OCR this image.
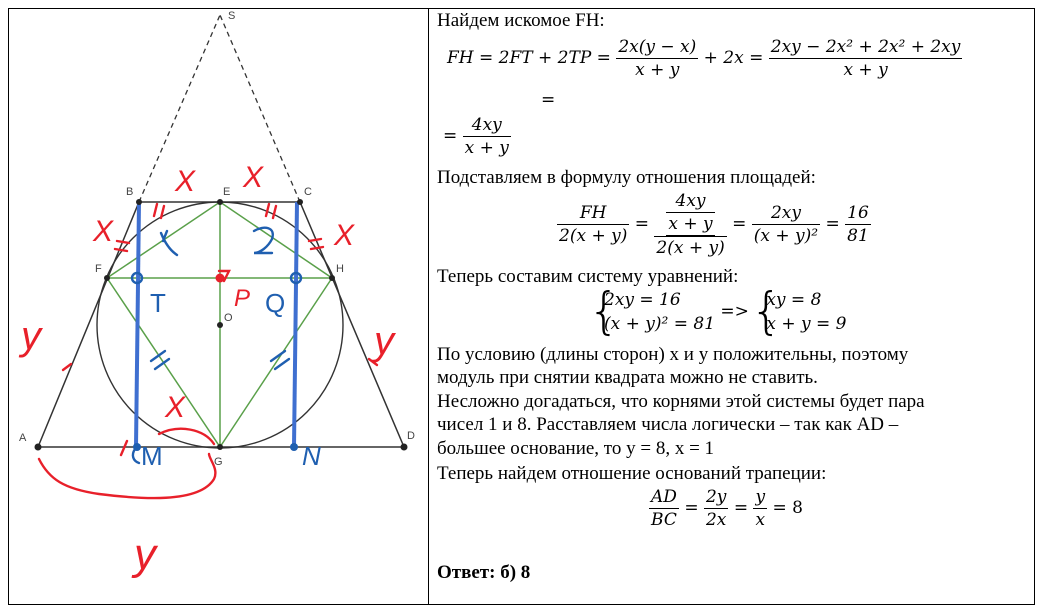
S
B	E	C
F	H
O
A
G
D
X X
X	X
X
y	y
y
P
T	Q
M	N
Найдем искомое FH:
FH = $2FT + 2TP = \frac{2x(y - x)}{x + y} + 2x = \frac{\text{2xy − 2x² + 2x² + 2xy}}{x + y}$
=
= $\frac{4xy}{x + y}$
Подставляем в формулу отношения площадей:
$\frac{FH}{2(x + y)} = \frac{\frac{4xy}{x + y}}{2(x + y)} = \frac{2xy}{\text{(x + y)²}} = \frac{16}{81}$
Теперь составим систему уравнений:
{
2xy = 16
(x + y)² = 81
=> {
xy = 8
x + y = 9
По условию (длины сторон) x и y положительны, поэтому
модуль при снятии квадрата можно не ставить.
Несложно догадаться, что корнями этой системы будет пара
чисел 1 и 8. Расставляем числа логически – так как AD –
большее основание, то y = 8, x = 1
Теперь найдем отношение оснований трапеции:
$\frac{AD}{BC} = \frac{2y}{2x} = \frac{y}{x} = 8$
Ответ: б) 8
